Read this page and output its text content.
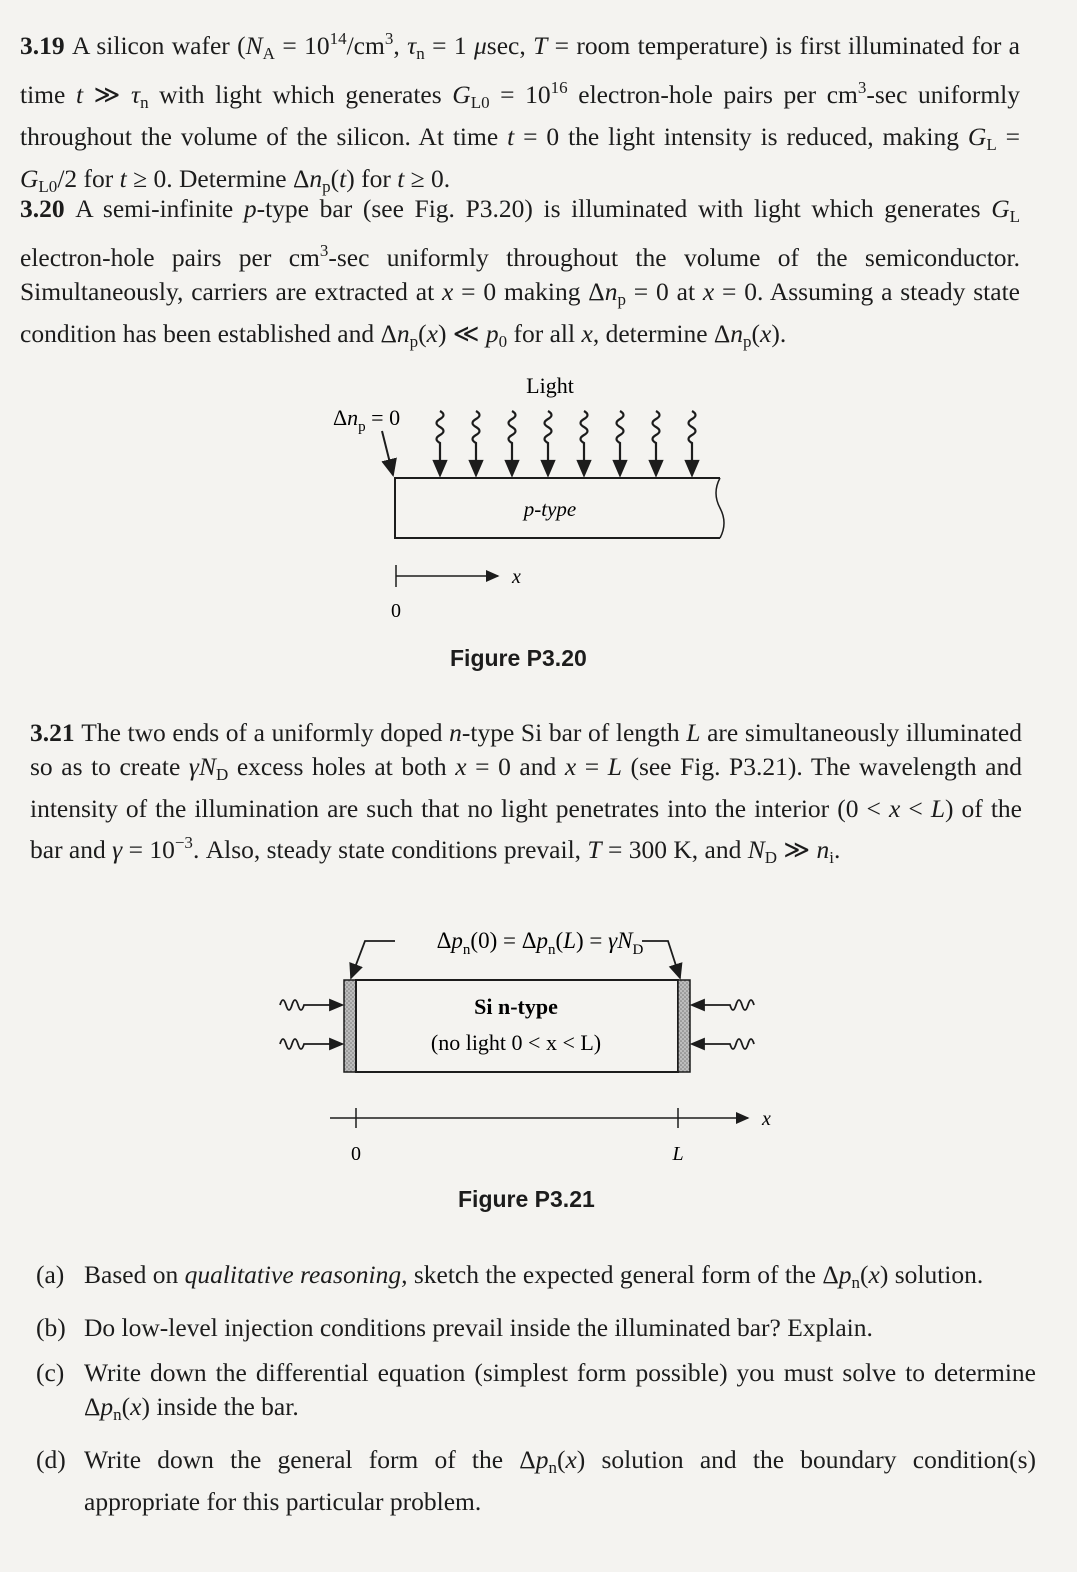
3.19 A silicon wafer ($N_A = 10^{14}/cm^3$, $\tau_n = 1$ μsec, T = room temperature) is first illuminated for a time t ≫ $\tau_n$ with light which generates $G_{L0} = 10^{16}$ electron-hole pairs per $cm^3-\sec$ uniformly throughout the volume of the silicon. At time t = 0 the light intensity is reduced, making $G_L = G_{L0}/2$ for t ≥ 0. Determine $\Delta n_p(t)$ for t ≥ 0.

3.20 A semi-infinite p-type bar (see Fig. P3.20) is illuminated with light which generates $G_L$ electron-hole pairs per $cm^3-\sec$ uniformly throughout the volume of the semiconductor. Simultaneously, carriers are extracted at x = 0 making $\Delta n_p = 0$ at x = 0. Assuming a steady state condition has been established and $\Delta n_p(x)$ ≪ $p_0$ for all x, determine $\Delta n_p(x)$.

Light
$\Delta n_p = 0$
p-type
x
0
Figure P3.20

3.21 The two ends of a uniformly doped n-type Si bar of length L are simultaneously illuminated so as to create $\gamma N_D$ excess holes at both x = 0 and x = L (see Fig. P3.21). The wavelength and intensity of the illumination are such that no light penetrates into the interior (0 < x < L) of the bar and $\gamma = 10^{-3}$. Also, steady state conditions prevail, T = 300 K, and $N_D$ ≫ $n_i$.

$\Delta p_n(0) = \Delta p_n(L) = \gamma N_D$
Si n-type
(no light 0 < x < L)
x
0	L
Figure P3.21
(a) Based on qualitative reasoning, sketch the expected general form of the $\Delta p_n(x)$ solution.
(b) Do low-level injection conditions prevail inside the illuminated bar? Explain.
(c) Write down the differential equation (simplest form possible) you must solve to determine $\Delta p_n(x)$ inside the bar.
(d) Write down the general form of the $\Delta p_n(x)$ solution and the boundary condition(s) appropriate for this particular problem.
